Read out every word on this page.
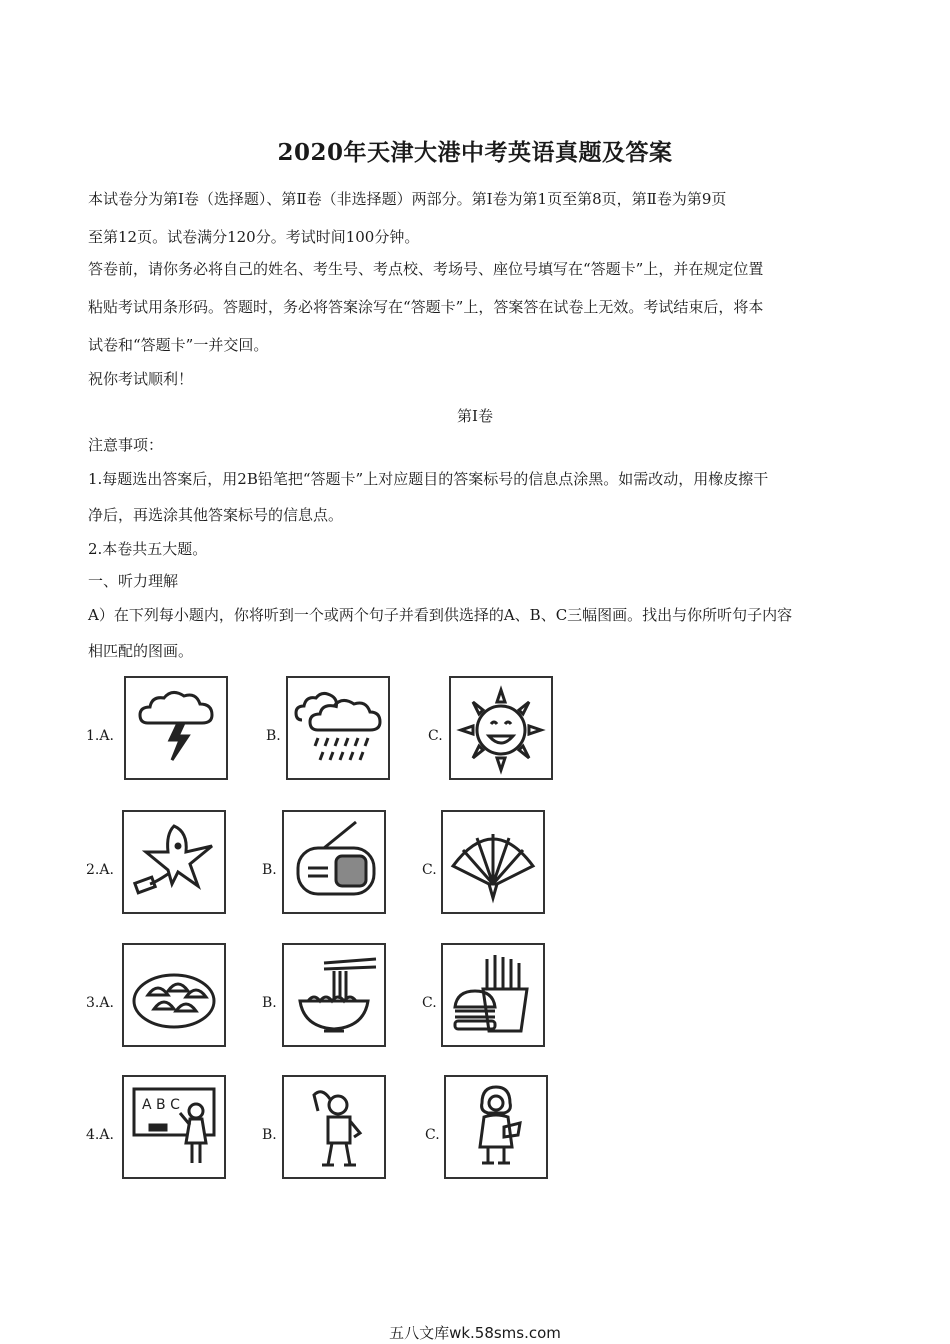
2020年天津大港中考英语真题及答案

本试卷分为第Ⅰ卷（选择题）、第Ⅱ卷（非选择题）两部分。第Ⅰ卷为第1页至第8页，第Ⅱ卷为第9页

至第12页。试卷满分120分。考试时间100分钟。

答卷前，请你务必将自己的姓名、考生号、考点校、考场号、座位号填写在“答题卡”上，并在规定位置

粘贴考试用条形码。答题时，务必将答案涂写在“答题卡”上，答案答在试卷上无效。考试结束后，将本

试卷和“答题卡”一并交回。

祝你考试顺利！

第Ⅰ卷

注意事项：

1.每题选出答案后，用2B铅笔把“答题卡”上对应题目的答案标号的信息点涂黑。如需改动，用橡皮擦干

净后，再选涂其他答案标号的信息点。

2.本卷共五大题。

一、听力理解

A）在下列每小题内，你将听到一个或两个句子并看到供选择的A、B、C三幅图画。找出与你所听句子内容

相匹配的图画。

1.A.	B.	C.
2.A.	B.	C.
3.A.	B.	C.
4.A.
A B C
B.	C.
五八文库wk.58sms.com
